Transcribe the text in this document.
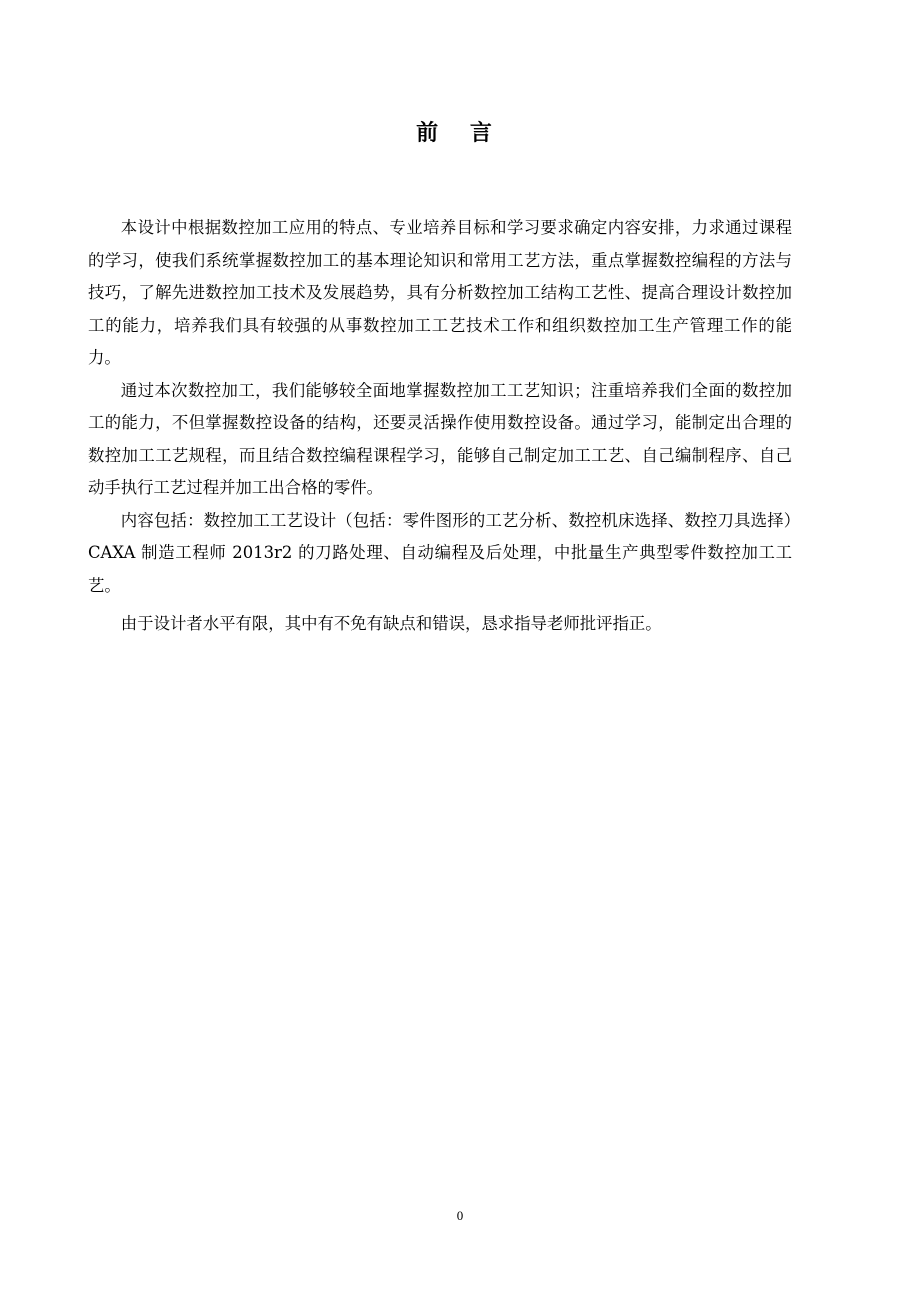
前 言

本设计中根据数控加工应用的特点、专业培养目标和学习要求确定内容安排，力求通过课程的学习，使我们系统掌握数控加工的基本理论知识和常用工艺方法，重点掌握数控编程的方法与技巧，了解先进数控加工技术及发展趋势，具有分析数控加工结构工艺性、提高合理设计数控加工的能力，培养我们具有较强的从事数控加工工艺技术工作和组织数控加工生产管理工作的能力。

通过本次数控加工，我们能够较全面地掌握数控加工工艺知识；注重培养我们全面的数控加工的能力，不但掌握数控设备的结构，还要灵活操作使用数控设备。通过学习，能制定出合理的数控加工工艺规程，而且结合数控编程课程学习，能够自己制定加工工艺、自己编制程序、自己动手执行工艺过程并加工出合格的零件。

内容包括：数控加工工艺设计（包括：零件图形的工艺分析、数控机床选择、数控刀具选择）CAXA 制造工程师 2013r2 的刀路处理、自动编程及后处理，中批量生产典型零件数控加工工艺。

由于设计者水平有限，其中有不免有缺点和错误，恳求指导老师批评指正。

0
